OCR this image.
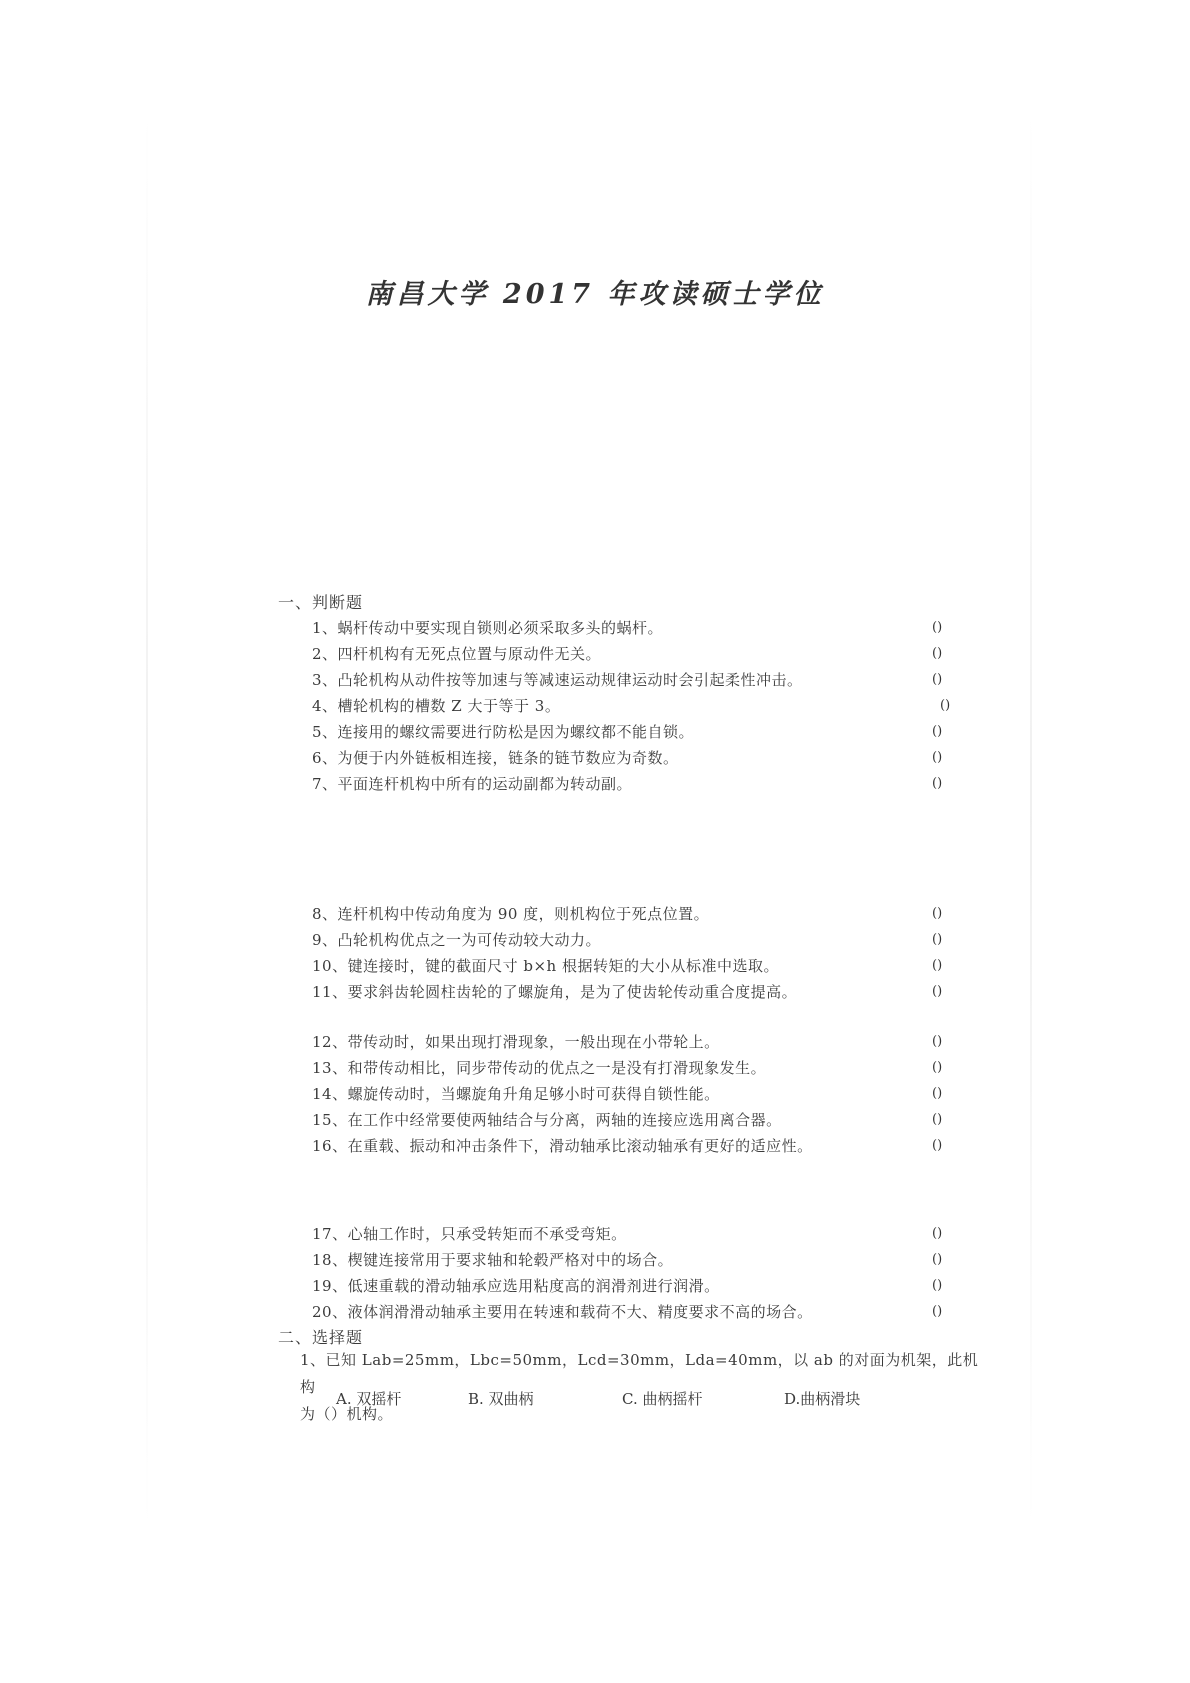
南昌大学 2017 年攻读硕士学位
一、判断题
1、蜗杆传动中要实现自锁则必须采取多头的蜗杆。	()
2、四杆机构有无死点位置与原动件无关。	()
3、凸轮机构从动件按等加速与等减速运动规律运动时会引起柔性冲击。	()
4、槽轮机构的槽数 Z 大于等于 3。	()
5、连接用的螺纹需要进行防松是因为螺纹都不能自锁。	()
6、为便于内外链板相连接，链条的链节数应为奇数。	()
7、平面连杆机构中所有的运动副都为转动副。	()
8、连杆机构中传动角度为 90 度，则机构位于死点位置。	()
9、凸轮机构优点之一为可传动较大动力。	()
10、键连接时，键的截面尺寸 b×h 根据转矩的大小从标准中选取。	()
11、要求斜齿轮圆柱齿轮的了螺旋角，是为了使齿轮传动重合度提高。	()
12、带传动时，如果出现打滑现象，一般出现在小带轮上。	()
13、和带传动相比，同步带传动的优点之一是没有打滑现象发生。	()
14、螺旋传动时，当螺旋角升角足够小时可获得自锁性能。	()
15、在工作中经常要使两轴结合与分离，两轴的连接应选用离合器。	()
16、在重载、振动和冲击条件下，滑动轴承比滚动轴承有更好的适应性。	()
17、心轴工作时，只承受转矩而不承受弯矩。	()
18、楔键连接常用于要求轴和轮毂严格对中的场合。	()
19、低速重载的滑动轴承应选用粘度高的润滑剂进行润滑。	()
20、液体润滑滑动轴承主要用在转速和载荷不大、精度要求不高的场合。	()
二、选择题
1、已知 Lab=25mm，Lbc=50mm，Lcd=30mm，Lda=40mm，以 ab 的对面为机架，此机构
为（）机构。
A. 双摇杆	B. 双曲柄	C. 曲柄摇杆	D.曲柄滑块
